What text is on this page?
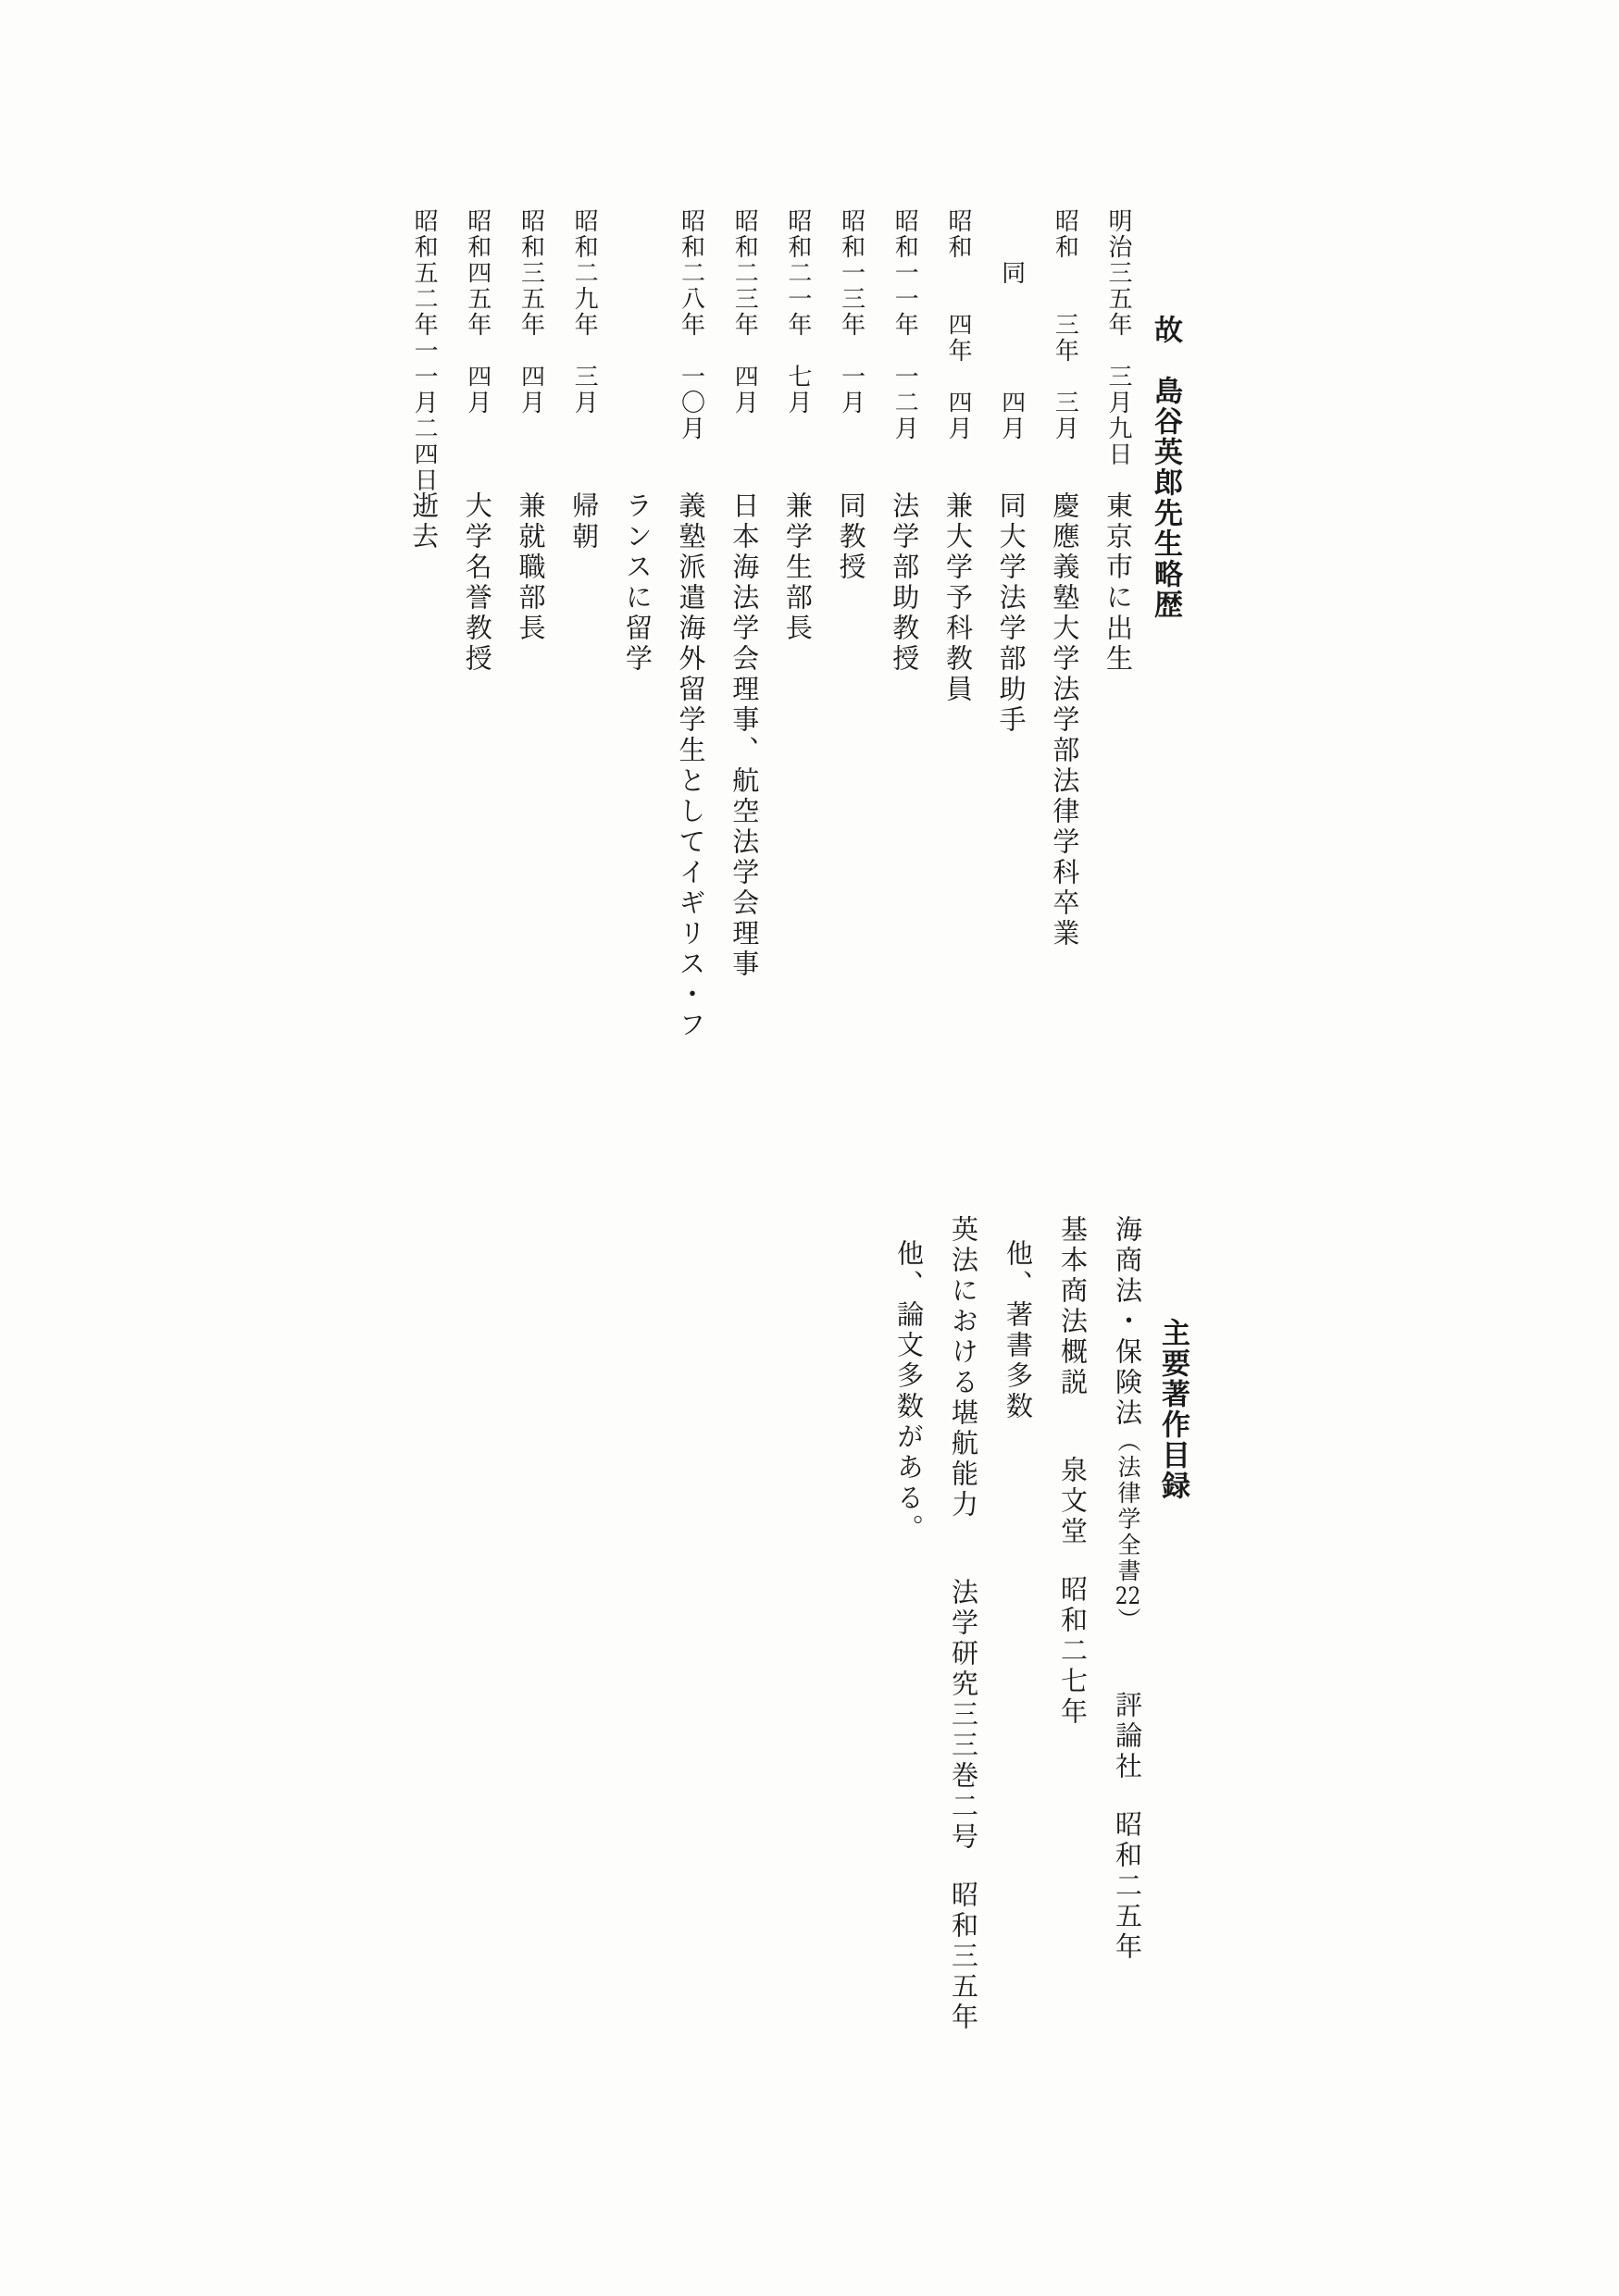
故　島谷英郎先生略歴
明治三五年　三月九日東京市に出生
昭和　　三年　三月慶應義塾大学法学部法律学科卒業
　　同　　　　四月同大学法学部助手
昭和　　四年　四月兼大学予科教員
昭和一一年　一二月法学部助教授
昭和一三年　一月同教授
昭和二一年　七月兼学生部長
昭和二三年　四月日本海法学会理事、航空法学会理事
昭和二八年　一〇月義塾派遣海外留学生としてイギリス・フ
ランスに留学
昭和二九年　三月帰朝
昭和三五年　四月兼就職部長
昭和四五年　四月大学名誉教授
昭和五二年一一月二四日逝去
主要著作目録
海商法・保険法（法律学全書22）評論社昭和二五年
基本商法概説泉文堂昭和二七年
他、著書多数
英法における堪航能力法学研究三三巻二号昭和三五年
他、論文多数がある。
